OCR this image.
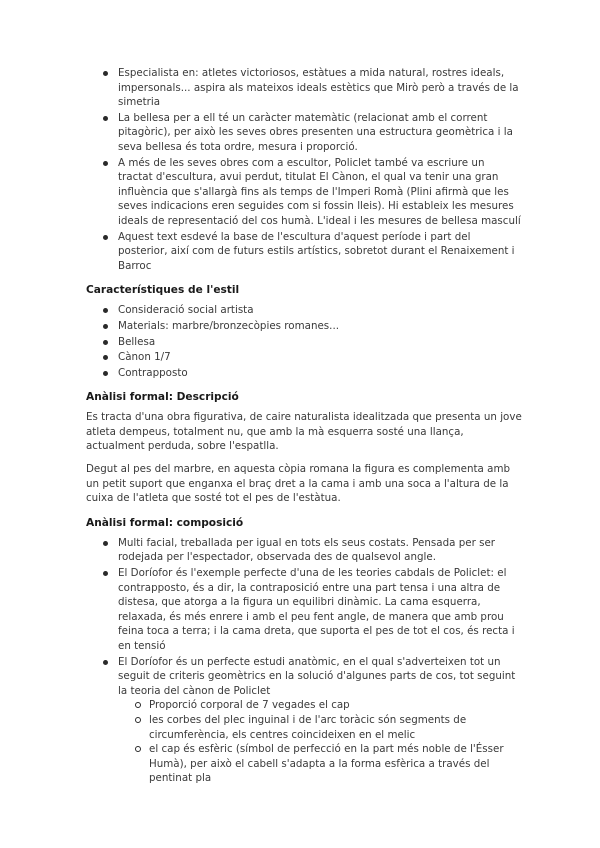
Especialista en: atletes victoriosos, estàtues a mida natural, rostres ideals, impersonals... aspira als mateixos ideals estètics que Mirò però a través de la simetria
La bellesa per a ell té un caràcter matemàtic (relacionat amb el corrent pitagòric), per això les seves obres presenten una estructura geomètrica i la seva bellesa és tota ordre, mesura i proporció.
A més de les seves obres com a escultor, Policlet també va escriure un tractat d'escultura, avui perdut, titulat El Cànon, el qual va tenir una gran influència que s'allargà fins als temps de l'Imperi Romà (Plini afirmà que les seves indicacions eren seguides com si fossin lleis). Hi estableix les mesures ideals de representació del cos humà. L'ideal i les mesures de bellesa masculí
Aquest text esdevé la base de l'escultura d'aquest període i part del posterior, així com de futurs estils artístics, sobretot durant el Renaixement i Barroc
Característiques de l'estil
Consideració social artista
Materials: marbre/bronzecòpies romanes...
Bellesa
Cànon 1/7
Contrapposto
Anàlisi formal: Descripció

Es tracta d'una obra figurativa, de caire naturalista idealitzada que presenta un jove atleta dempeus, totalment nu, que amb la mà esquerra sosté una llança, actualment perduda, sobre l'espatlla.

Degut al pes del marbre, en aquesta còpia romana la figura es complementa amb un petit suport que enganxa el braç dret a la cama i amb una soca a l'altura de la cuixa de l'atleta que sosté tot el pes de l'estàtua.

Anàlisi formal: composició
Multi facial, treballada per igual en tots els seus costats. Pensada per ser rodejada per l'espectador, observada des de qualsevol angle.
El Doríofor és l'exemple perfecte d'una de les teories cabdals de Policlet: el contrapposto, és a dir, la contraposició entre una part tensa i una altra de distesa, que atorga a la figura un equilibri dinàmic. La cama esquerra, relaxada, és més enrere i amb el peu fent angle, de manera que amb prou feina toca a terra; i la cama dreta, que suporta el pes de tot el cos, és recta i en tensió
El Doríofor és un perfecte estudi anatòmic, en el qual s'adverteixen tot un seguit de criteris geomètrics en la solució d'algunes parts de cos, tot seguint la teoria del cànon de Policlet
Proporció corporal de 7 vegades el cap
les corbes del plec inguinal i de l'arc toràcic són segments de circumferència, els centres coincideixen en el melic
el cap és esfèric (símbol de perfecció en la part més noble de l'Ésser Humà), per això el cabell s'adapta a la forma esfèrica a través del pentinat pla
